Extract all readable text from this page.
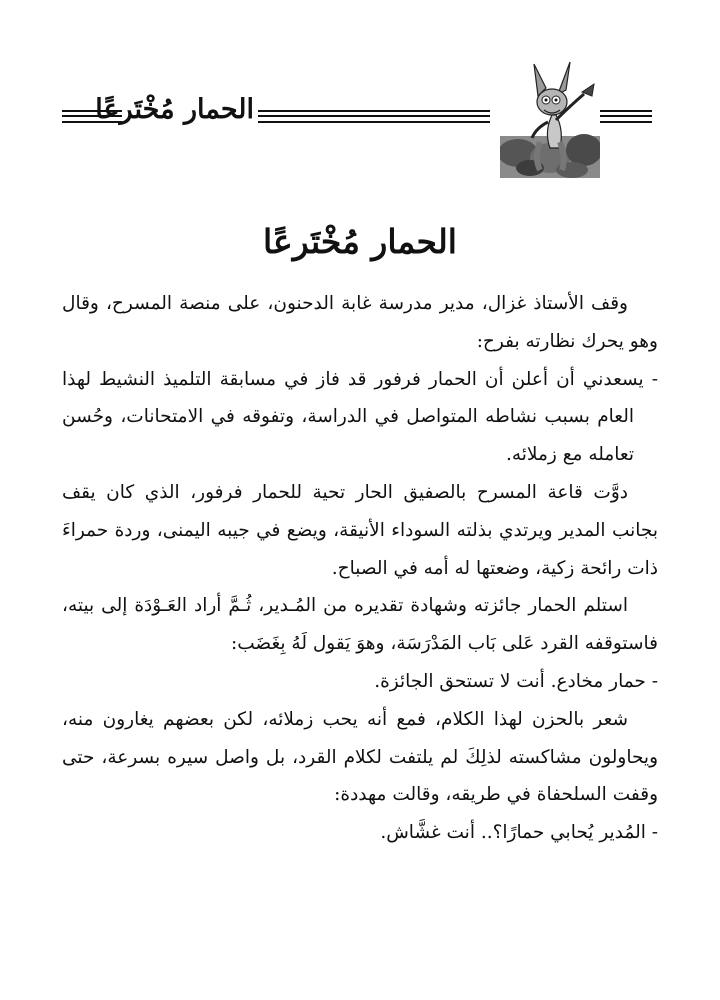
الحمار مُخْتَرعًا
الحمار مُخْتَرعًا

وقف الأستاذ غزال، مدير مدرسة غابة الدحنون، على منصة المسرح، وقال وهو يحرك نظارته بفرح:

- يسعدني أن أعلن أن الحمار فرفور قد فاز في مسابقة التلميذ النشيط لهذا العام بسبب نشاطه المتواصل في الدراسة، وتفوقه في الامتحانات، وحُسن تعامله مع زملائه.

دوَّت قاعة المسرح بالصفيق الحار تحية للحمار فرفور، الذي كان يقف بجانب المدير ويرتدي بذلته السوداء الأنيقة، ويضع في جيبه اليمنى، وردة حمراءَ ذات رائحة زكية، وضعتها له أمه في الصباح.

استلم الحمار جائزته وشهادة تقديره من المُـدير، ثُـمَّ أراد العَـوْدَة إلى بيته، فاستوقفه القرد عَلى بَاب المَدْرَسَة، وهوَ يَقول لَهُ بِغَضَب:

- حمار مخادع. أنت لا تستحق الجائزة.

شعر بالحزن لهذا الكلام، فمع أنه يحب زملائه، لكن بعضهم يغارون منه، ويحاولون مشاكسته لذلِكَ لم يلتفت لكلام القرد، بل واصل سيره بسرعة، حتى وقفت السلحفاة في طريقه، وقالت مهددة:

- المُدير يُحابي حمارًا؟.. أنت غشَّاش.
